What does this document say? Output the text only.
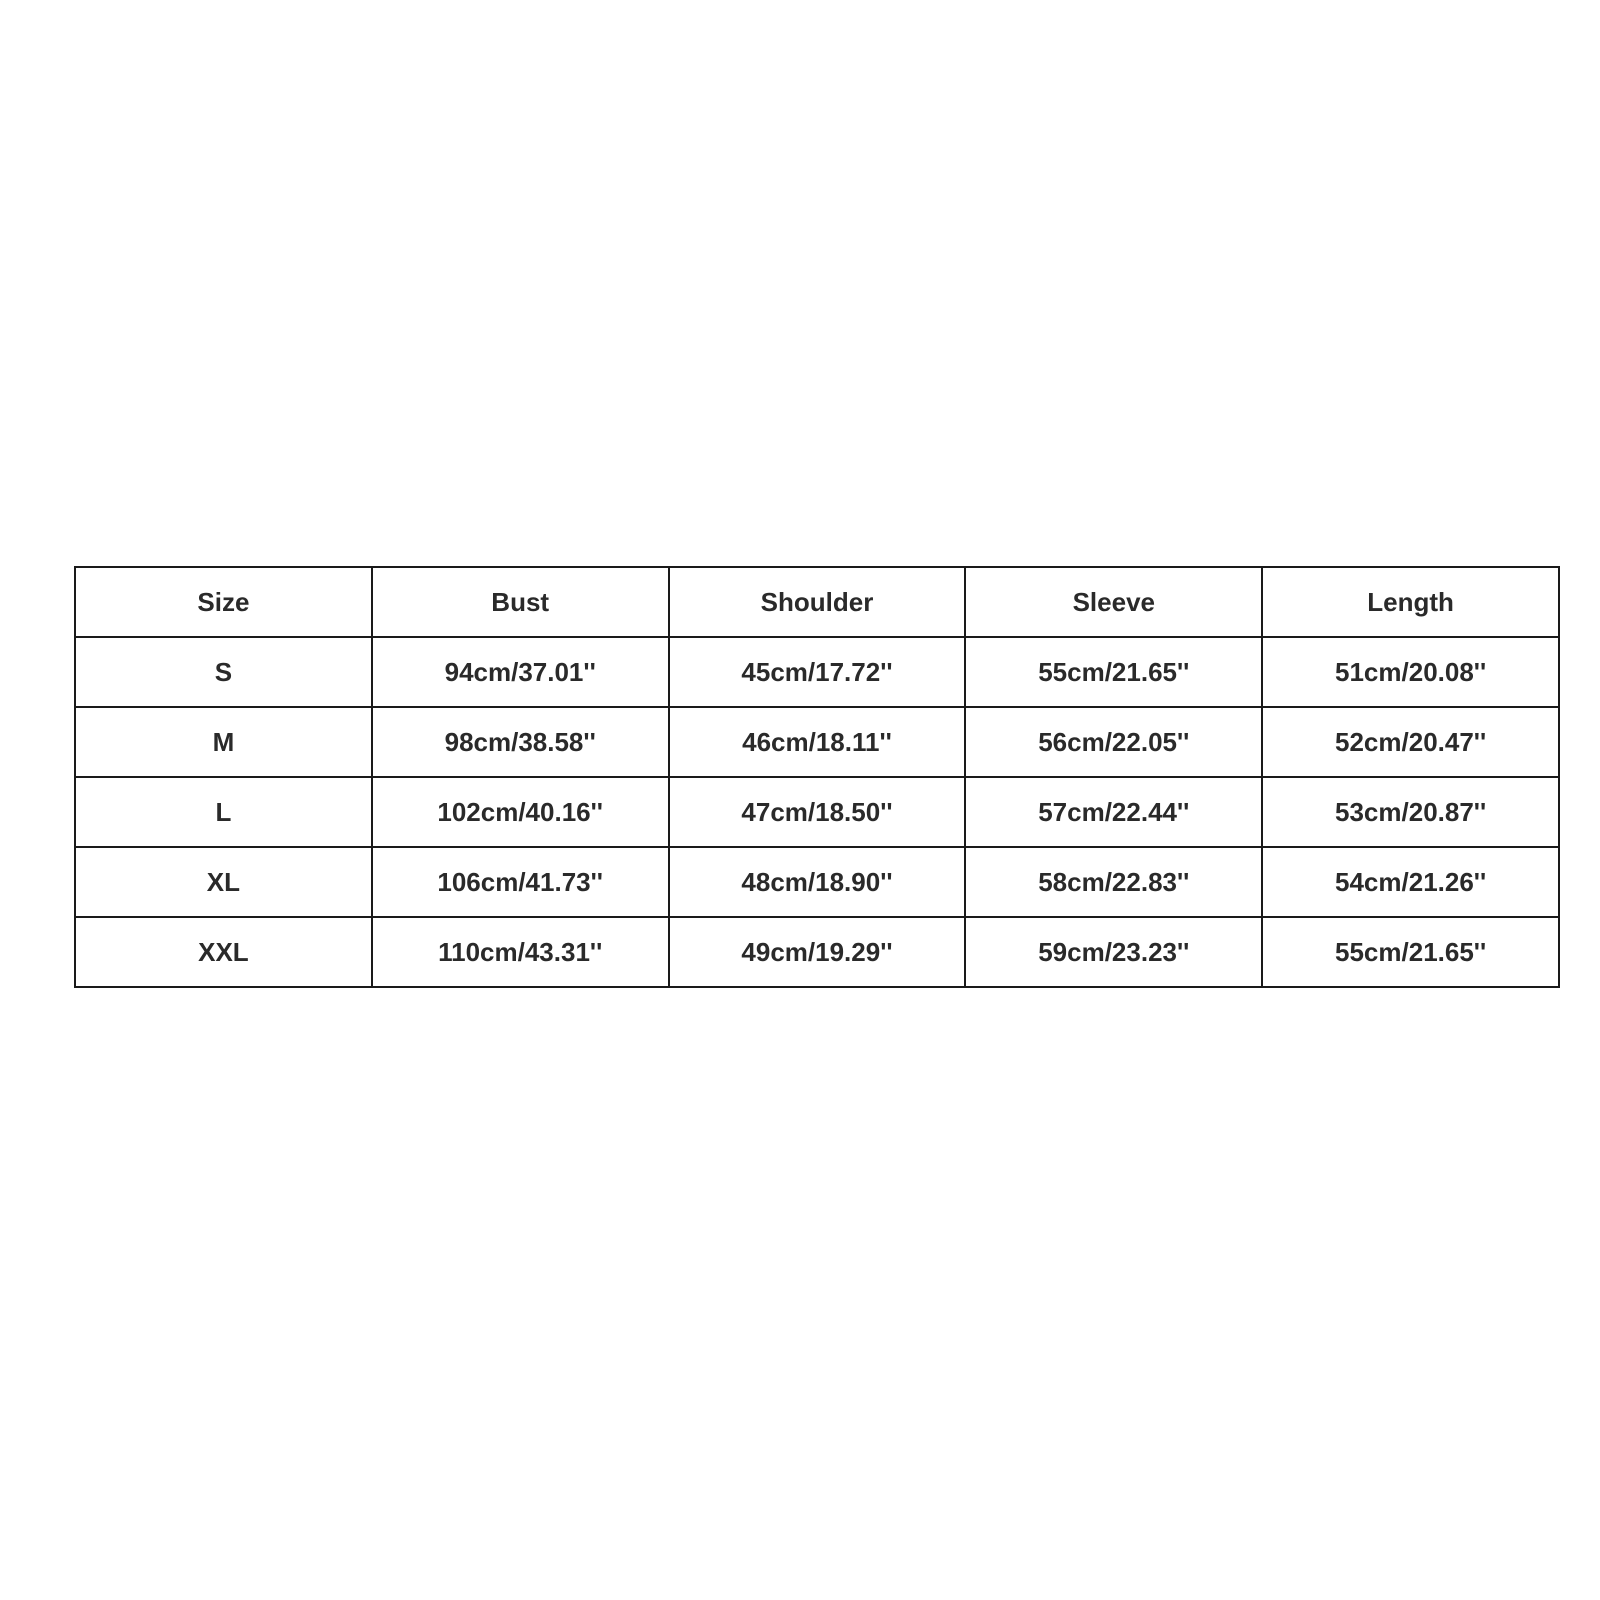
Size	Bust	Shoulder	Sleeve	Length
S	94cm/37.01''	45cm/17.72''	55cm/21.65''	51cm/20.08''
M	98cm/38.58''	46cm/18.11''	56cm/22.05''	52cm/20.47''
L	102cm/40.16''	47cm/18.50''	57cm/22.44''	53cm/20.87''
XL	106cm/41.73''	48cm/18.90''	58cm/22.83''	54cm/21.26''
XXL	110cm/43.31''	49cm/19.29''	59cm/23.23''	55cm/21.65''
